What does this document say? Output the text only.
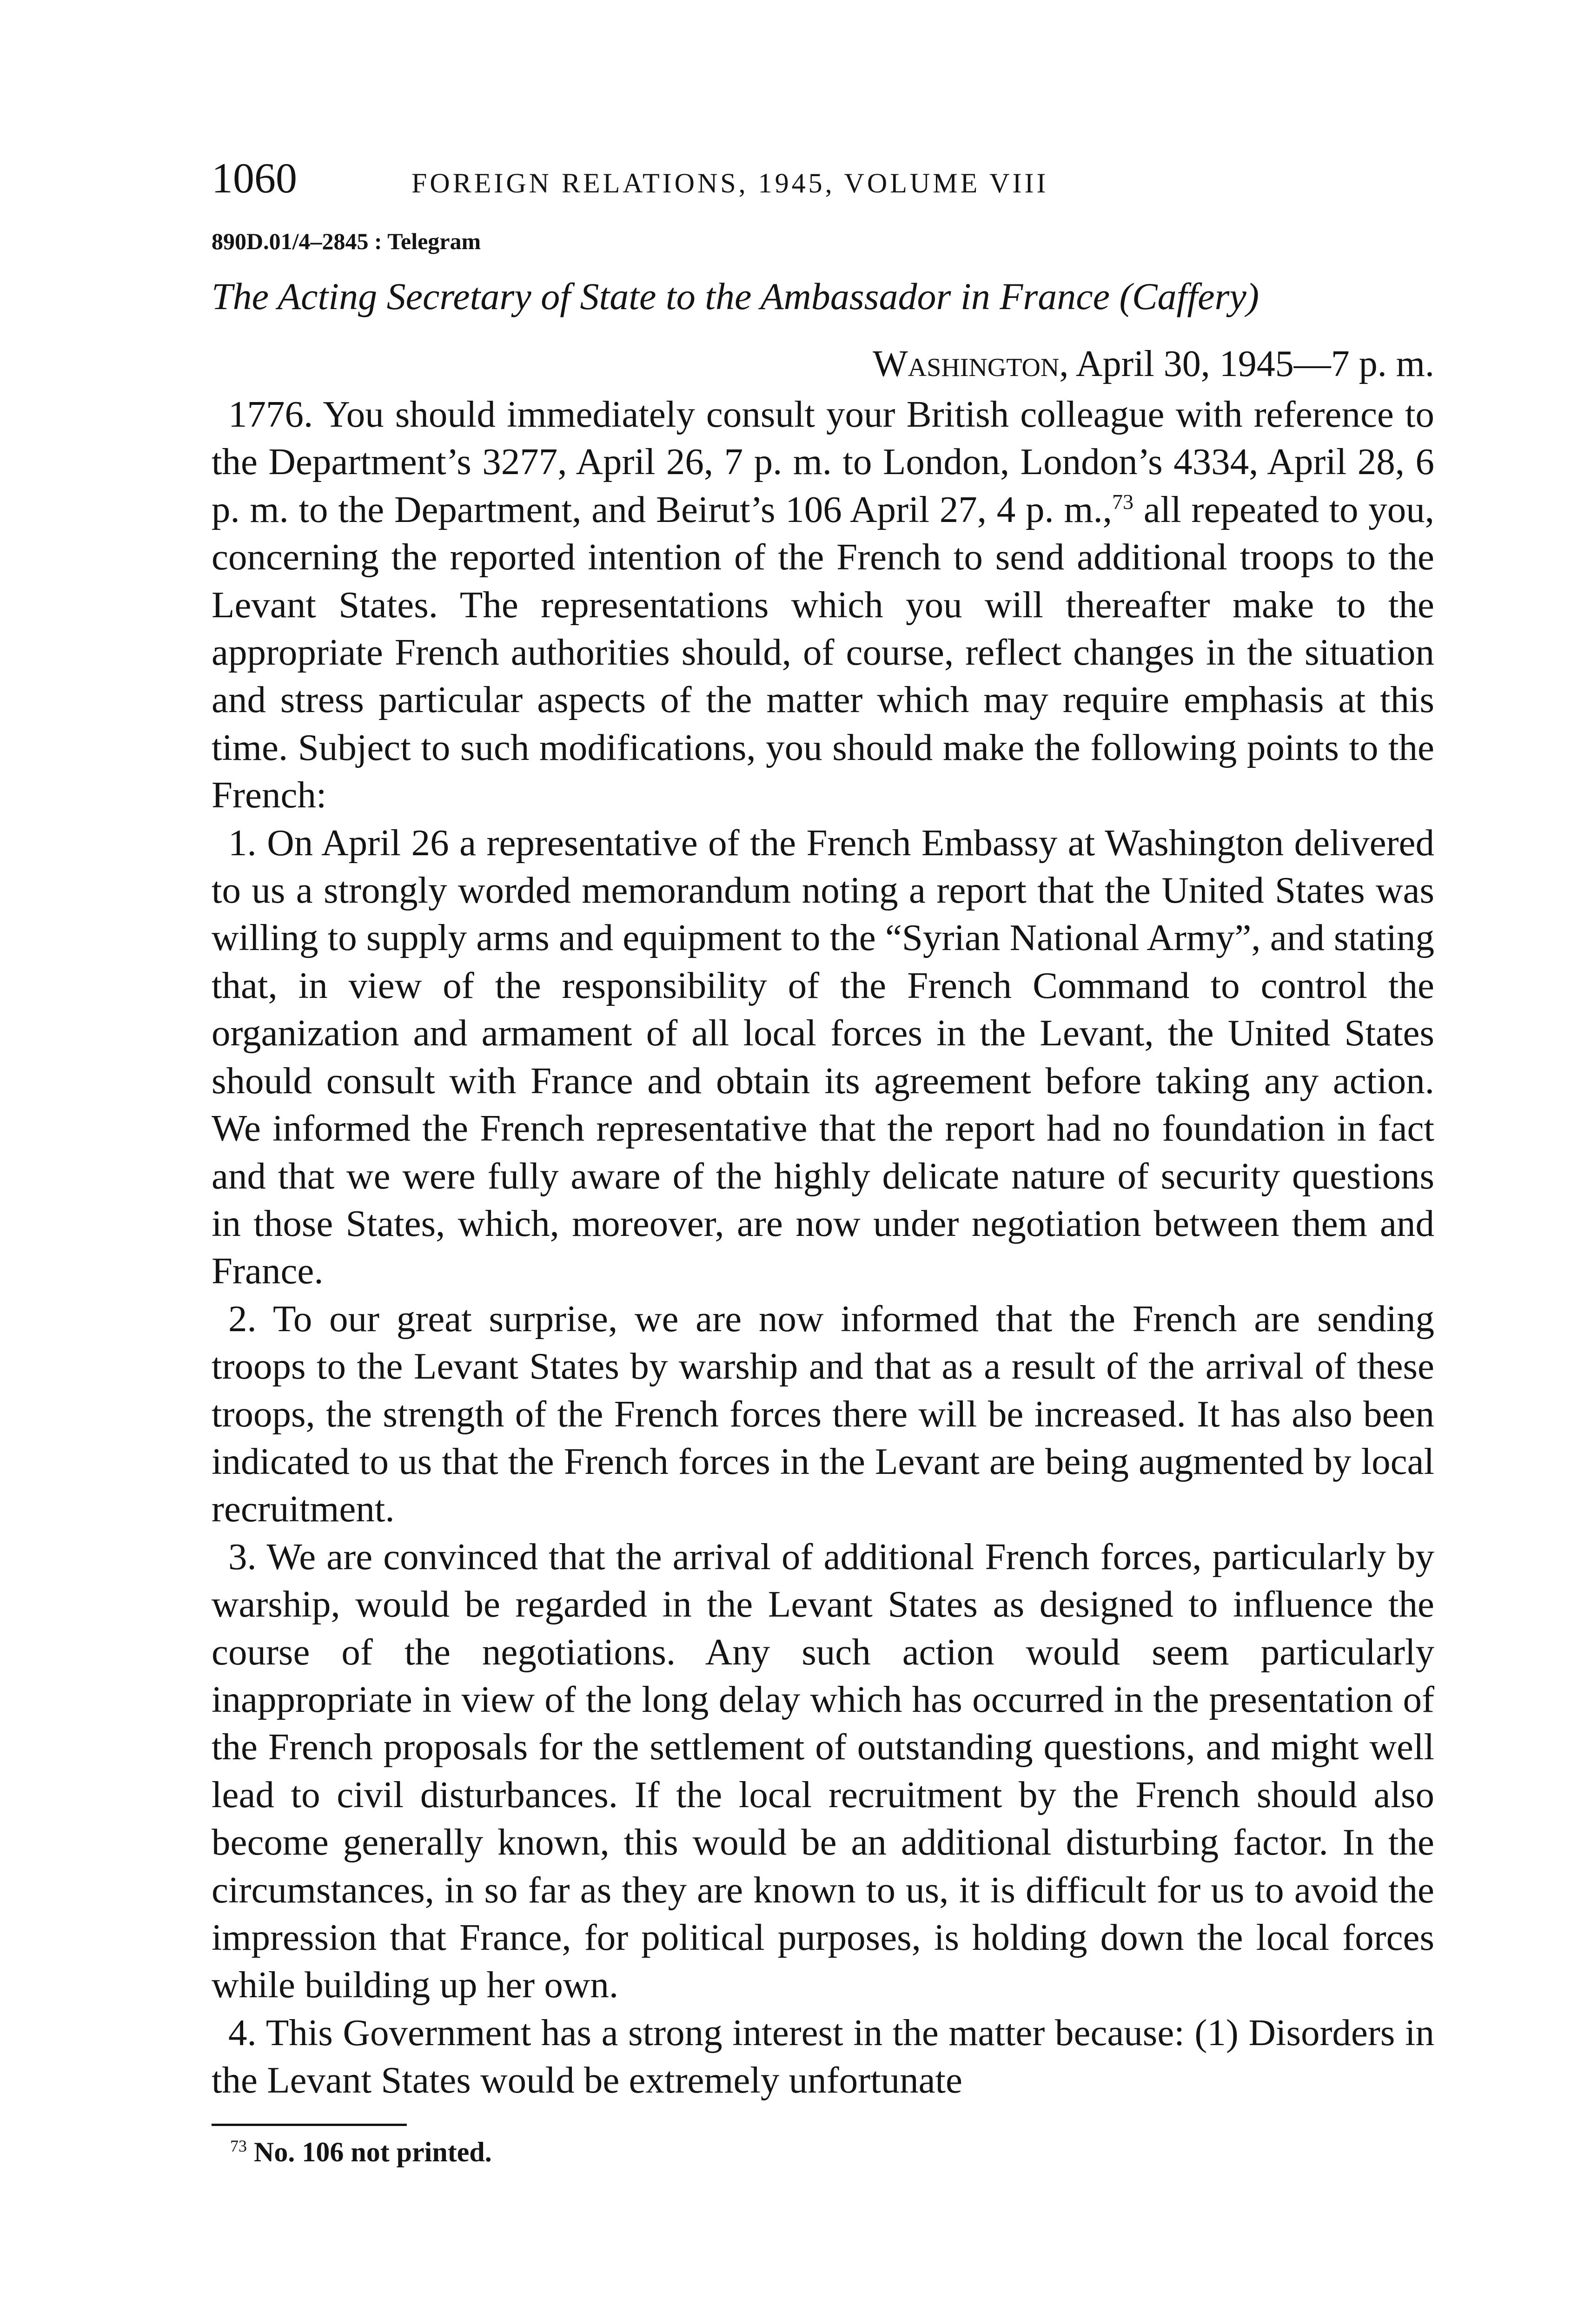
1060	FOREIGN RELATIONS, 1945, VOLUME VIII
890D.01/4–2845 : Telegram
The Acting Secretary of State to the Ambassador in France (Caffery)
Washington, April 30, 1945—7 p. m.

1776. You should immediately consult your British colleague with reference to the Department’s 3277, April 26, 7 p. m. to London, London’s 4334, April 28, 6 p. m. to the Department, and Beirut’s 106 April 27, 4 p. m.,$^{73}$ all repeated to you, concerning the reported intention of the French to send additional troops to the Levant States. The representations which you will thereafter make to the appropriate French authorities should, of course, reflect changes in the situation and stress particular aspects of the matter which may require emphasis at this time. Subject to such modifications, you should make the following points to the French:

1. On April 26 a representative of the French Embassy at Washington delivered to us a strongly worded memorandum noting a report that the United States was willing to supply arms and equipment to the “Syrian National Army”, and stating that, in view of the responsibility of the French Command to control the organization and armament of all local forces in the Levant, the United States should consult with France and obtain its agreement before taking any action. We informed the French representative that the report had no foundation in fact and that we were fully aware of the highly delicate nature of security questions in those States, which, moreover, are now under negotiation between them and France.

2. To our great surprise, we are now informed that the French are sending troops to the Levant States by warship and that as a result of the arrival of these troops, the strength of the French forces there will be increased. It has also been indicated to us that the French forces in the Levant are being augmented by local recruitment.

3. We are convinced that the arrival of additional French forces, particularly by warship, would be regarded in the Levant States as designed to influence the course of the negotiations. Any such action would seem particularly inappropriate in view of the long delay which has occurred in the presentation of the French proposals for the settlement of outstanding questions, and might well lead to civil disturbances. If the local recruitment by the French should also become generally known, this would be an additional disturbing factor. In the circumstances, in so far as they are known to us, it is difficult for us to avoid the impression that France, for political purposes, is holding down the local forces while building up her own.

4. This Government has a strong interest in the matter because: (1) Disorders in the Levant States would be extremely unfortunate

$^{73}$ No. 106 not printed.
